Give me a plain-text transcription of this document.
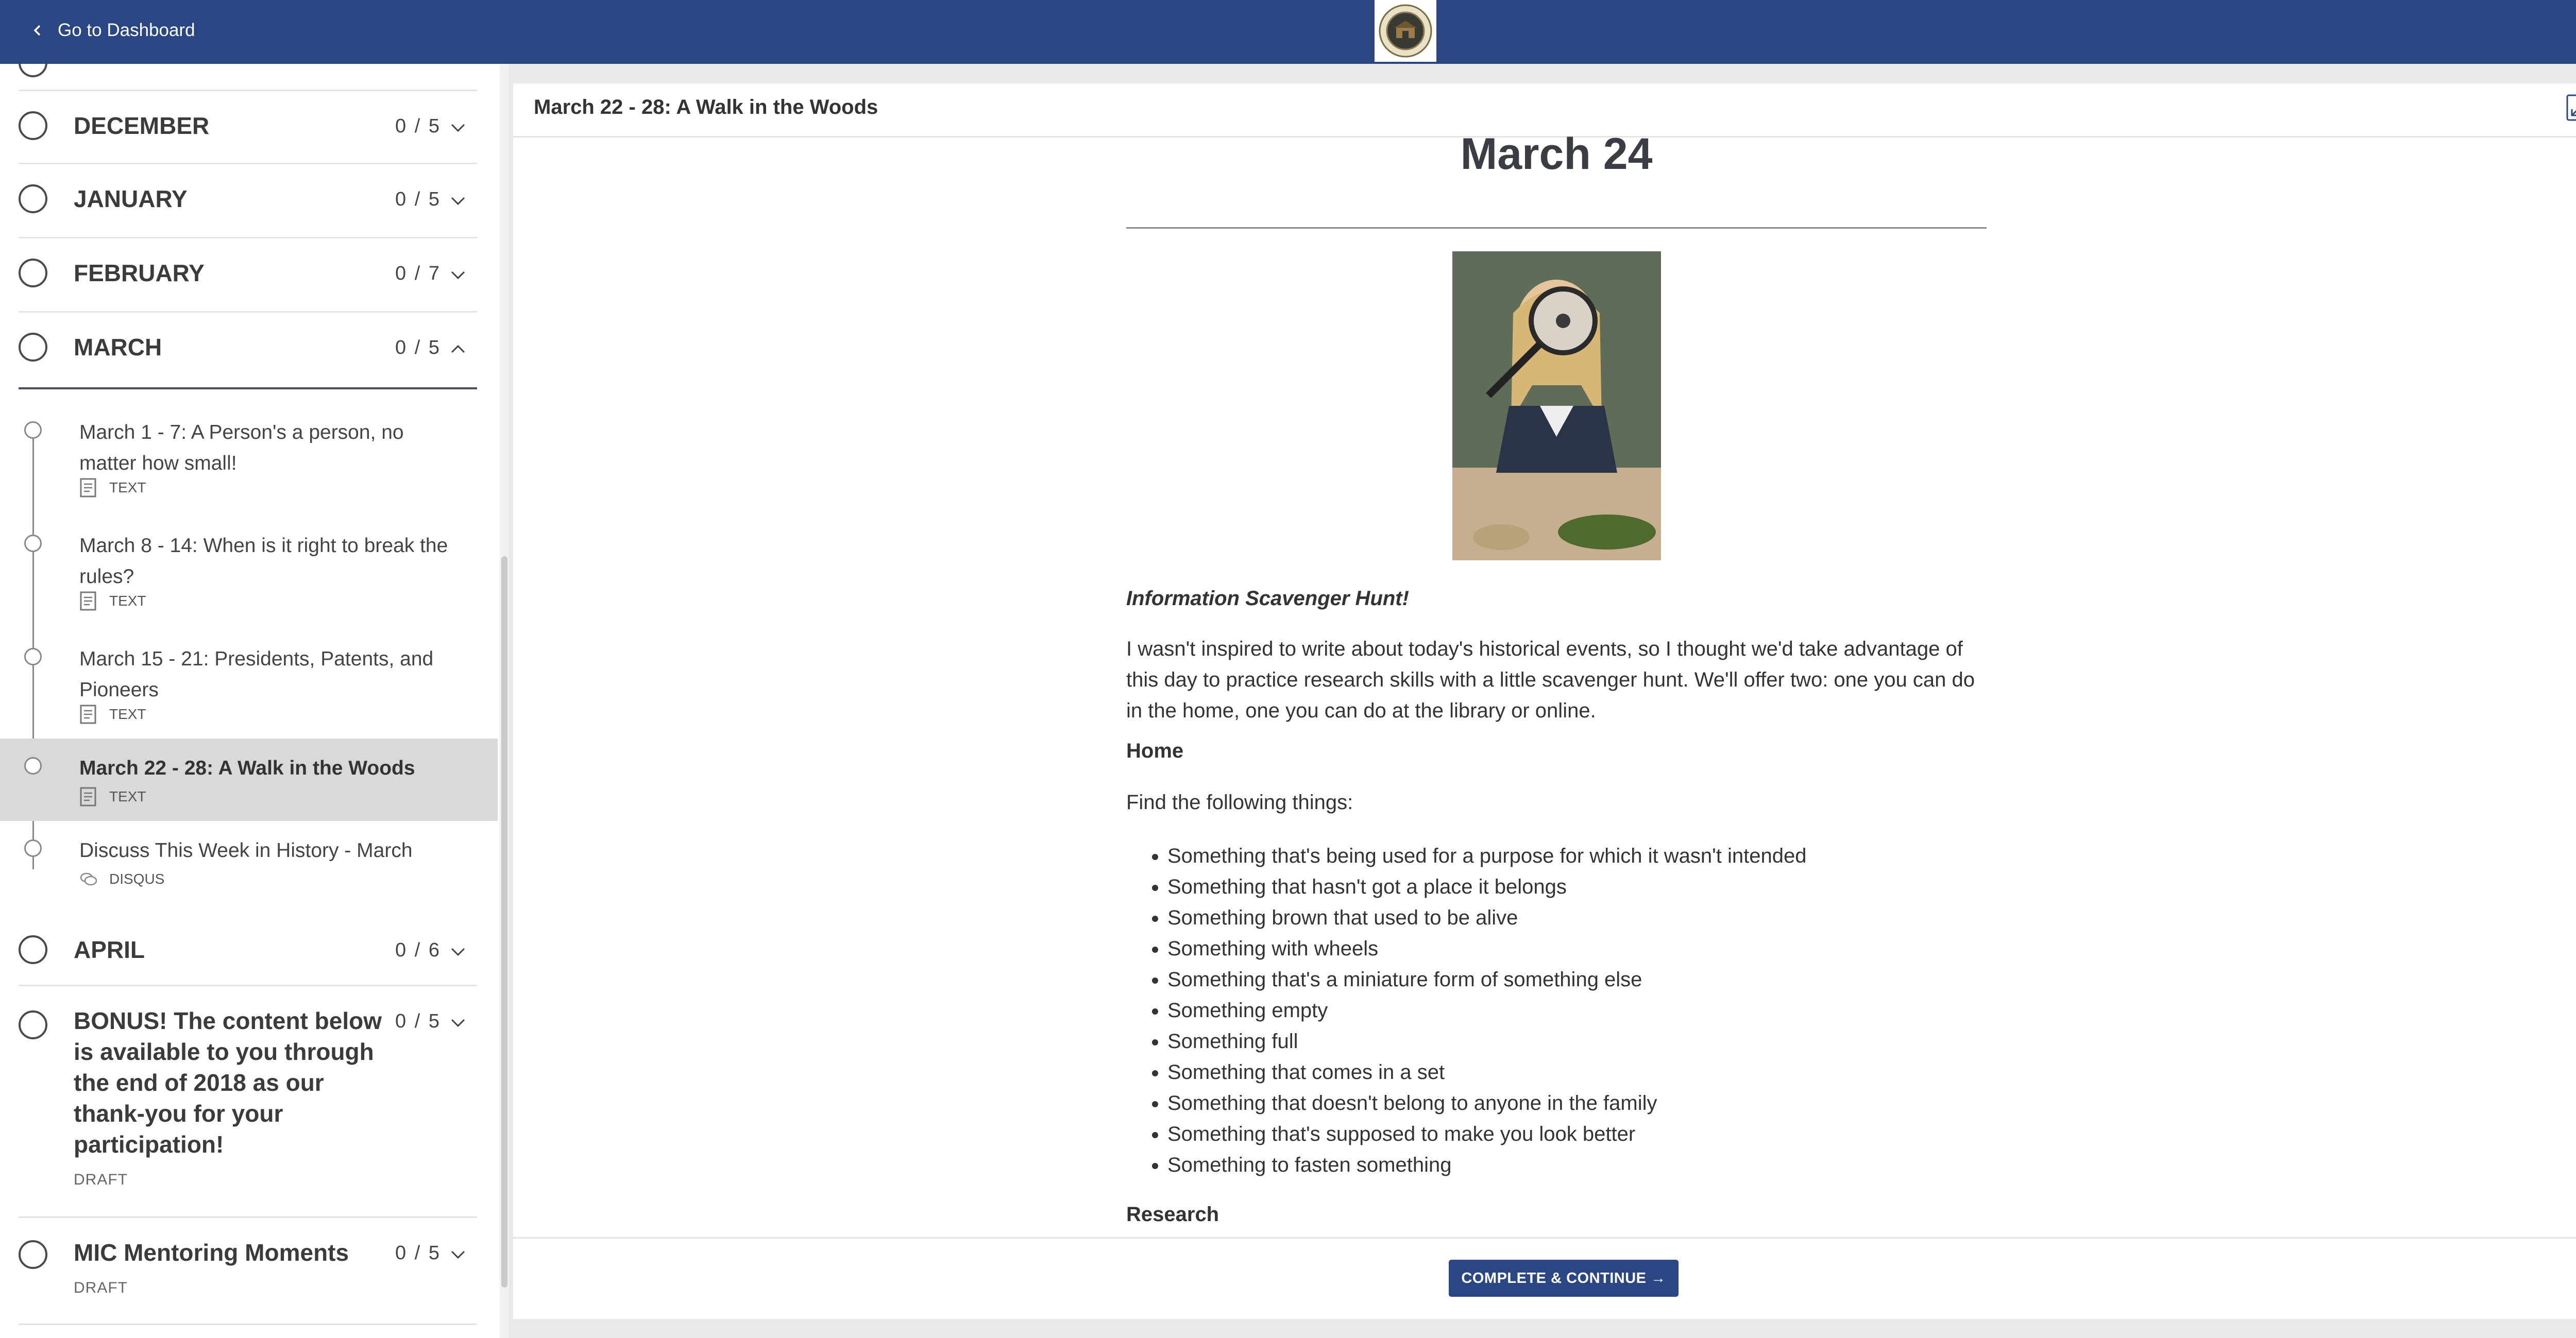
Go to Dashboard
DECEMBER	0 / 5
JANUARY	0 / 5
FEBRUARY	0 / 7
MARCH	0 / 5
March 1 - 7: A Person's a person, no matter how small!
TEXT
March 8 - 14: When is it right to break the rules?
TEXT
March 15 - 21: Presidents, Patents, and Pioneers
TEXT
March 22 - 28: A Walk in the Woods
TEXT
Discuss This Week in History - March
DISQUS
APRIL	0 / 6
BONUS! The content below is available to you through the end of 2018 as our thank-you for your participation!
0 / 5
DRAFT
MIC Mentoring Moments	0 / 5
DRAFT
March 22 - 28: A Walk in the Woods
March 24
Information Scavenger Hunt!
I wasn't inspired to write about today's historical events, so I thought we'd take advantage of this day to practice research skills with a little scavenger hunt. We'll offer two: one you can do in the home, one you can do at the library or online.
Home
Find the following things:
• Something that's being used for a purpose for which it wasn't intended
• Something that hasn't got a place it belongs
• Something brown that used to be alive
• Something with wheels
• Something that's a miniature form of something else
• Something empty
• Something full
• Something that comes in a set
• Something that doesn't belong to anyone in the family
• Something that's supposed to make you look better
• Something to fasten something
Research
COMPLETE & CONTINUE →
